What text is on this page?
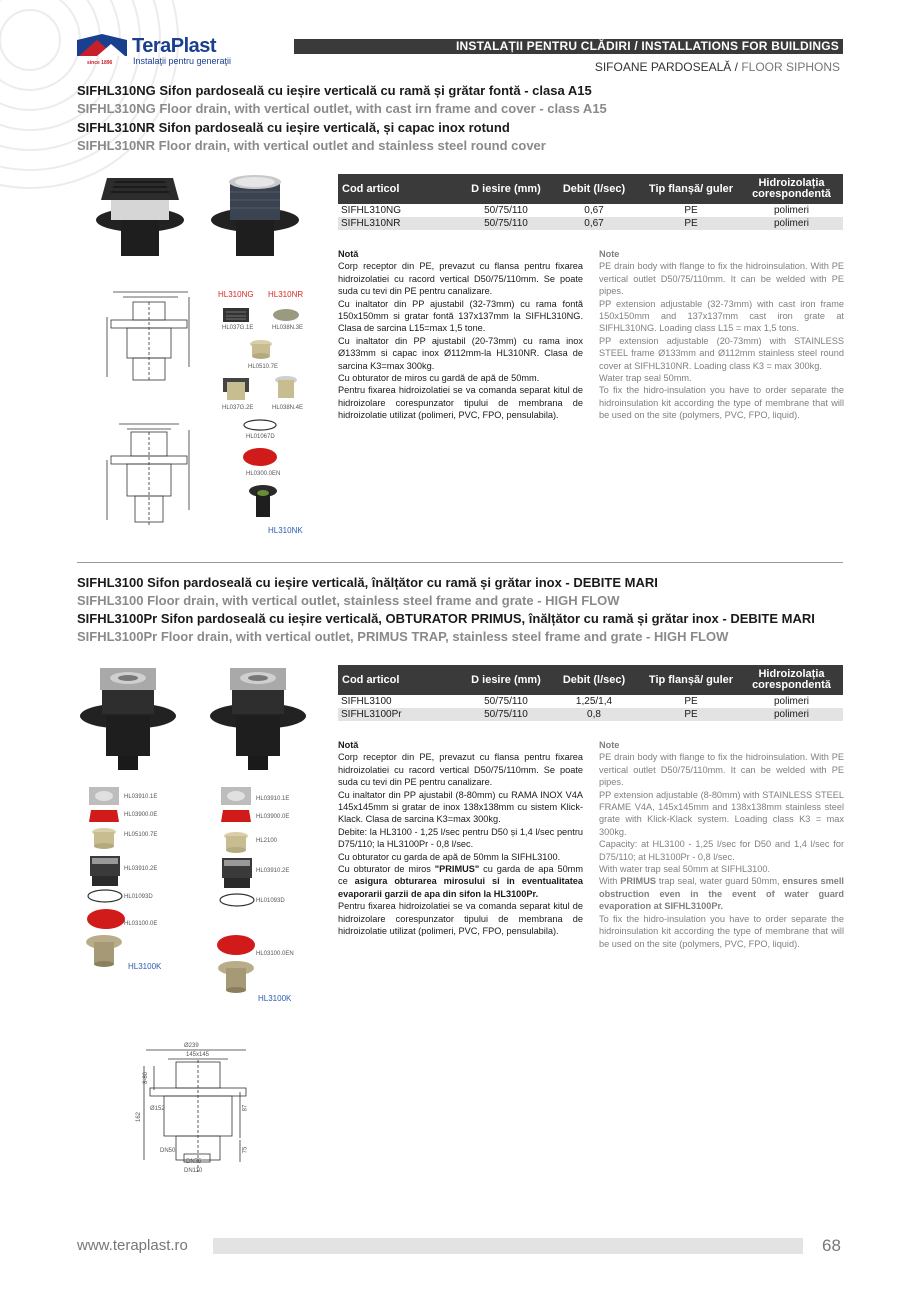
since 1896
TeraPlast
Instalaţii pentru generaţii
INSTALAȚII PENTRU CLĂDIRI / INSTALLATIONS FOR BUILDINGS
SIFOANE PARDOSEALĂ / FLOOR SIPHONS
SIFHL310NG Sifon pardoseală cu ieșire verticală cu ramă și grătar fontă - clasa A15
SIFHL310NG Floor drain, with vertical outlet, with cast irn frame and cover - class A15
SIFHL310NR Sifon pardoseală cu ieșire verticală, și capac inox rotund
SIFHL310NR Floor drain, with vertical outlet and stainless steel round cover
HL310NG HL310NR
HL037G.1E	HL038N.3E
HL0510.7E
HL037G.2E	HL038N.4E
HL01067D
HL0300.0EN
HL310NK
Cod articol	D iesire (mm)	Debit (l/sec)	Tip flanșă/ guler	Hidroizolația corespondentă
SIFHL310NG	50/75/110	0,67	PE	polimeri
SIFHL310NR	50/75/110	0,67	PE	polimeri

Notă

Corp receptor din PE, prevazut cu flansa pentru fixarea hidroizolatiei cu racord vertical D50/75/110mm. Se poate suda cu tevi din PE pentru canalizare.

Cu inaltator din PP ajustabil (32-73mm) cu rama fontă 150x150mm si gratar fontă 137x137mm la SIFHL310NG. Clasa de sarcina L15=max 1,5 tone.

Cu inaltator din PP ajustabil (20-73mm) cu rama inox Ø133mm si capac inox Ø112mm-la HL310NR. Clasa de sarcina K3=max 300kg.

Cu obturator de miros cu gardă de apă de 50mm.

Pentru fixarea hidroizolatiei se va comanda separat kitul de hidroizolare corespunzator tipului de membrana de hidroizolatie utilizat (polimeri, PVC, FPO, pensulabila).

Note

PE drain body with flange to fix the hidroinsulation. With PE vertical outlet D50/75/110mm. It can be welded with PE pipes.

PP extension adjustable (32-73mm) with cast iron frame 150x150mm and 137x137mm cast iron grate at SIFHL310NG. Loading class L15 = max 1,5 tons.

PP extension adjustable (20-73mm) with STAINLESS STEEL frame Ø133mm and Ø112mm stainless steel round cover at SIFHL310NR. Loading class K3 = max 300kg.

Water trap seal 50mm.

To fix the hidro-insulation you have to order separate the hidroinsulation kit according the type of membrane that will be used on the site (polymers, PVC, FPO, liquid).

SIFHL3100 Sifon pardoseală cu ieșire verticală, înălțător cu ramă și grătar inox - DEBITE MARI
SIFHL3100 Floor drain, with vertical outlet, stainless steel frame and grate - HIGH FLOW
SIFHL3100Pr Sifon pardoseală cu ieșire verticală, OBTURATOR PRIMUS, înălțător cu ramă și grătar inox - DEBITE MARI
SIFHL3100Pr Floor drain, with vertical outlet, PRIMUS TRAP, stainless steel frame and grate - HIGH FLOW
HL03910.1E
HL03900.0E
HL05100.7E
HL03910.2E
HL01093D
HL03100.0E
HL3100K
HL03910.1E
HL03900.0E
HL2100
HL03910.2E
HL01093D
HL03100.0EN
HL3100K
Ø239
145x145
8-80
Ø152	87
162
75
DN50
DN75
DN110
Cod articol	D iesire (mm)	Debit (l/sec)	Tip flanșă/ guler	Hidroizolația corespondentă
SIFHL3100	50/75/110	1,25/1,4	PE	polimeri
SIFHL3100Pr	50/75/110	0,8	PE	polimeri

Notă

Corp receptor din PE, prevazut cu flansa pentru fixarea hidroizolatiei cu racord vertical D50/75/110mm. Se poate suda cu tevi din PE pentru canalizare.

Cu inaltator din PP ajustabil (8-80mm) cu RAMA INOX V4A 145x145mm si gratar de inox 138x138mm cu sistem Klick-Klack. Clasa de sarcina K3=max 300kg.

Debite: la HL3100 - 1,25 l/sec pentru D50 și 1,4 l/sec pentru D75/110; la HL3100Pr - 0,8 l/sec.

Cu obturator cu garda de apă de 50mm la SIFHL3100.

Cu obturator de miros "PRIMUS" cu garda de apa 50mm ce asigura obturarea mirosului si in eventualitatea evaporarii garzii de apa din sifon la HL3100Pr.

Pentru fixarea hidroizolatiei se va comanda separat kitul de hidroizolare corespunzator tipului de membrana de hidroizolatie utilizat (polimeri, PVC, FPO, pensulabila).

Note

PE drain body with flange to fix the hidroinsulation. With PE vertical outlet D50/75/110mm. It can be welded with PE pipes.

PP extension adjustable (8-80mm) with STAINLESS STEEL FRAME V4A, 145x145mm and 138x138mm stainless steel grate with Klick-Klack system. Loading class K3 = max 300kg.

Capacity: at HL3100 - 1,25 l/sec for D50 and 1,4 l/sec for D75/110; at HL3100Pr - 0,8 l/sec.

With water trap seal 50mm at SIFHL3100.

With PRIMUS trap seal, water guard 50mm, ensures smell obstruction even in the event of water guard evaporation at SIFHL3100Pr.

To fix the hidro-insulation you have to order separate the hidroinsulation kit according the type of membrane that will be used on the site (polymers, PVC, FPO, liquid).

www.teraplast.ro	68
